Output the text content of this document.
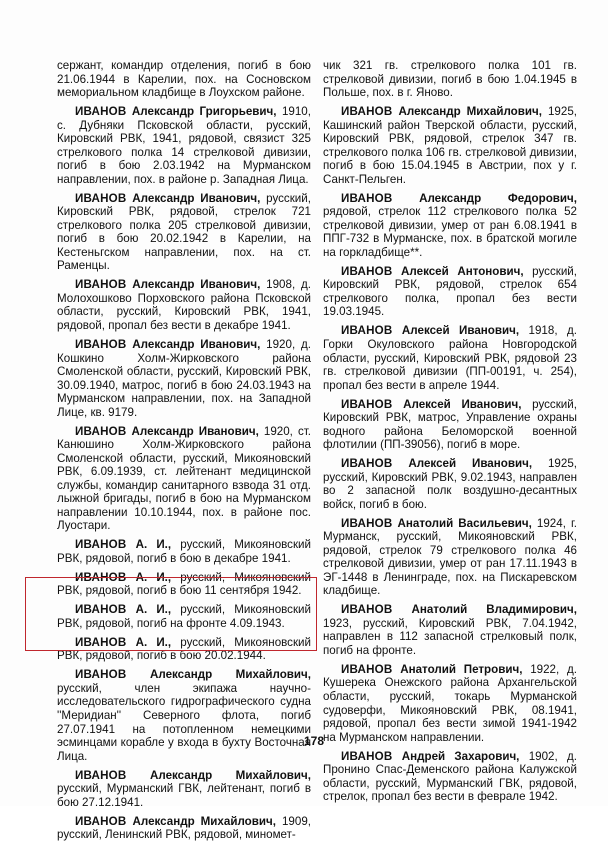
сержант, командир отделения, погиб в бою 21.06.1944 в Карелии, пох. на Сосновском мемориальном кладбище в Лоухском районе.

ИВАНОВ Александр Григорьевич, 1910, с. Дубняки Псковской области, русский, Кировский РВК, 1941, рядовой, связист 325 стрелкового полка 14 стрелковой дивизии, погиб в бою 2.03.1942 на Мурманском направлении, пох. в районе р. Западная Лица.

ИВАНОВ Александр Иванович, русский, Кировский РВК, рядовой, стрелок 721 стрелкового полка 205 стрелковой дивизии, погиб в бою 20.02.1942 в Карелии, на Кестеньгском направлении, пох. на ст. Раменцы.

ИВАНОВ Александр Иванович, 1908, д. Молохошково Порховского района Псковской области, русский, Кировский РВК, 1941, рядовой, пропал без вести в декабре 1941.

ИВАНОВ Александр Иванович, 1920, д. Кошкино Холм-Жирковского района Смоленской области, русский, Кировский РВК, 30.09.1940, матрос, погиб в бою 24.03.1943 на Мурманском направлении, пох. на Западной Лице, кв. 9179.

ИВАНОВ Александр Иванович, 1920, ст. Канюшино Холм-Жирковского района Смоленской области, русский, Микояновский РВК, 6.09.1939, ст. лейтенант медицинской службы, командир санитарного взвода 31 отд. лыжной бригады, погиб в бою на Мурманском направлении 10.10.1944, пох. в районе пос. Луостари.

ИВАНОВ А. И., русский, Микояновский РВК, рядовой, погиб в бою в декабре 1941.

ИВАНОВ А. И., русский, Микояновский РВК, рядовой, погиб в бою 11 сентября 1942.

ИВАНОВ А. И., русский, Микояновский РВК, рядовой, погиб на фронте 4.09.1943.

ИВАНОВ А. И., русский, Микояновский РВК, рядовой, погиб в бою 20.02.1944.

ИВАНОВ Александр Михайлович, русский, член экипажа научно-исследовательского гидрографического судна ''Меридиан'' Северного флота, погиб 27.07.1941 на потопленном немецкими эсминцами корабле у входа в бухту Восточная Лица.

ИВАНОВ Александр Михайлович, русский, Мурманский ГВК, лейтенант, погиб в бою 27.12.1941.

ИВАНОВ Александр Михайлович, 1909, русский, Ленинский РВК, рядовой, миномет-

чик 321 гв. стрелкового полка 101 гв. стрелковой дивизии, погиб в бою 1.04.1945 в Польше, пох. в г. Яново.

ИВАНОВ Александр Михайлович, 1925, Кашинский район Тверской области, русский, Кировский РВК, рядовой, стрелок 347 гв. стрелкового полка 106 гв. стрелковой дивизии, погиб в бою 15.04.1945 в Австрии, пох у г. Санкт-Пельген.

ИВАНОВ Александр Федорович, рядовой, стрелок 112 стрелкового полка 52 стрелковой дивизии, умер от ран 6.08.1941 в ППГ-732 в Мурманске, пох. в братской могиле на горкладбище**.

ИВАНОВ Алексей Антонович, русский, Кировский РВК, рядовой, стрелок 654 стрелкового полка, пропал без вести 19.03.1945.

ИВАНОВ Алексей Иванович, 1918, д. Горки Окуловского района Новгородской области, русский, Кировский РВК, рядовой 23 гв. стрелковой дивизии (ПП-00191, ч. 254), пропал без вести в апреле 1944.

ИВАНОВ Алексей Иванович, русский, Кировский РВК, матрос, Управление охраны водного района Беломорской военной флотилии (ПП-39056), погиб в море.

ИВАНОВ Алексей Иванович, 1925, русский, Кировский РВК, 9.02.1943, направлен во 2 запасной полк воздушно-десантных войск, погиб в бою.

ИВАНОВ Анатолий Васильевич, 1924, г. Мурманск, русский, Микояновский РВК, рядовой, стрелок 79 стрелкового полка 46 стрелковой дивизии, умер от ран 17.11.1943 в ЭГ-1448 в Ленинграде, пох. на Пискаревском кладбище.

ИВАНОВ Анатолий Владимирович, 1923, русский, Кировский РВК, 7.04.1942, направлен в 112 запасной стрелковый полк, погиб на фронте.

ИВАНОВ Анатолий Петрович, 1922, д. Кушерека Онежского района Архангельской области, русский, токарь Мурманской судоверфи, Микояновский РВК, 08.1941, рядовой, пропал без вести зимой 1941-1942 на Мурманском направлении.

ИВАНОВ Андрей Захарович, 1902, д. Пронино Спас-Деменского района Калужской области, русский, Мурманский ГВК, рядовой, стрелок, пропал без вести в феврале 1942.

178
